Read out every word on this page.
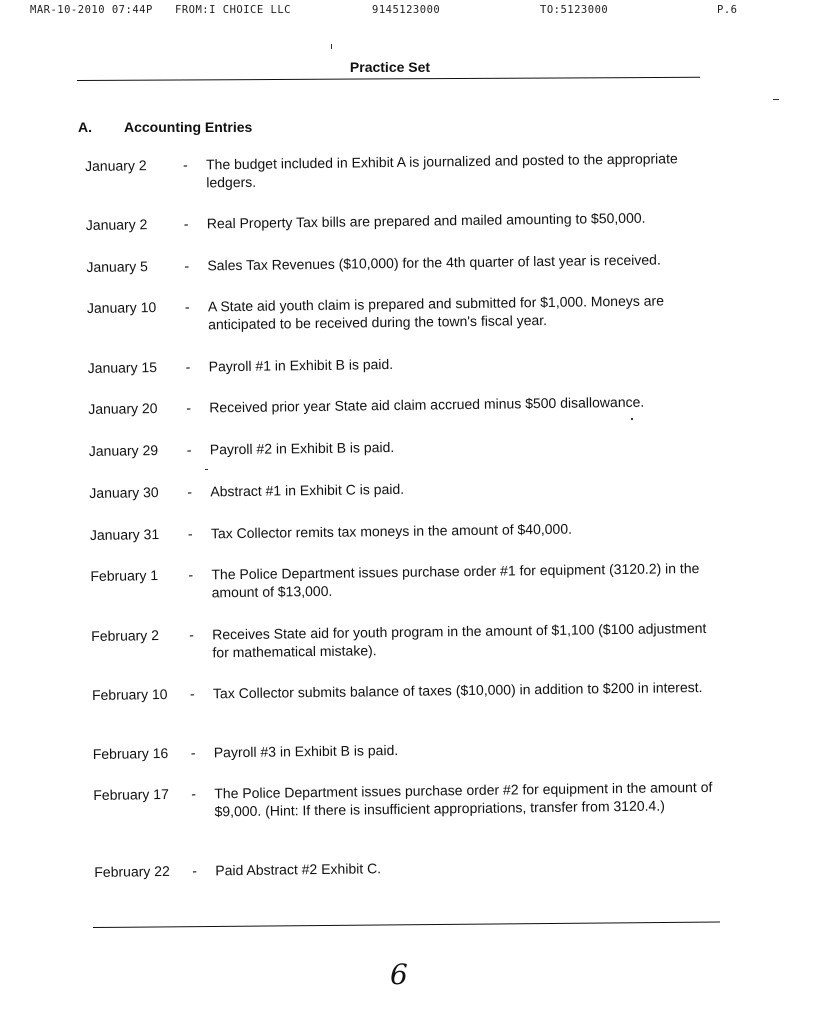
MAR-10-2010 07:44P FROM:I CHOICE LLC	9145123000	TO:5123000	P.6
Practice Set
A. Accounting Entries
January 2	- The budget included in Exhibit A is journalized and posted to the appropriate ledgers.
January 2	- Real Property Tax bills are prepared and mailed amounting to $50,000.
January 5	- Sales Tax Revenues ($10,000) for the 4th quarter of last year is received.
January 10 - A State aid youth claim is prepared and submitted for $1,000. Moneys are anticipated to be received during the town's fiscal year.
January 15 - Payroll #1 in Exhibit B is paid.
January 20 - Received prior year State aid claim accrued minus $500 disallowance.
January 29 - Payroll #2 in Exhibit B is paid.
January 30 - Abstract #1 in Exhibit C is paid.
January 31 - Tax Collector remits tax moneys in the amount of $40,000.
February 1 - The Police Department issues purchase order #1 for equipment (3120.2) in the amount of $13,000.
February 2 - Receives State aid for youth program in the amount of $1,100 ($100 adjustment for mathematical mistake).
February 10 - Tax Collector submits balance of taxes ($10,000) in addition to $200 in interest.
February 16 - Payroll #3 in Exhibit B is paid.
February 17 - The Police Department issues purchase order #2 for equipment in the amount of $9,000. (Hint: If there is insufficient appropriations, transfer from 3120.4.)
February 22 - Paid Abstract #2 Exhibit C.
6
